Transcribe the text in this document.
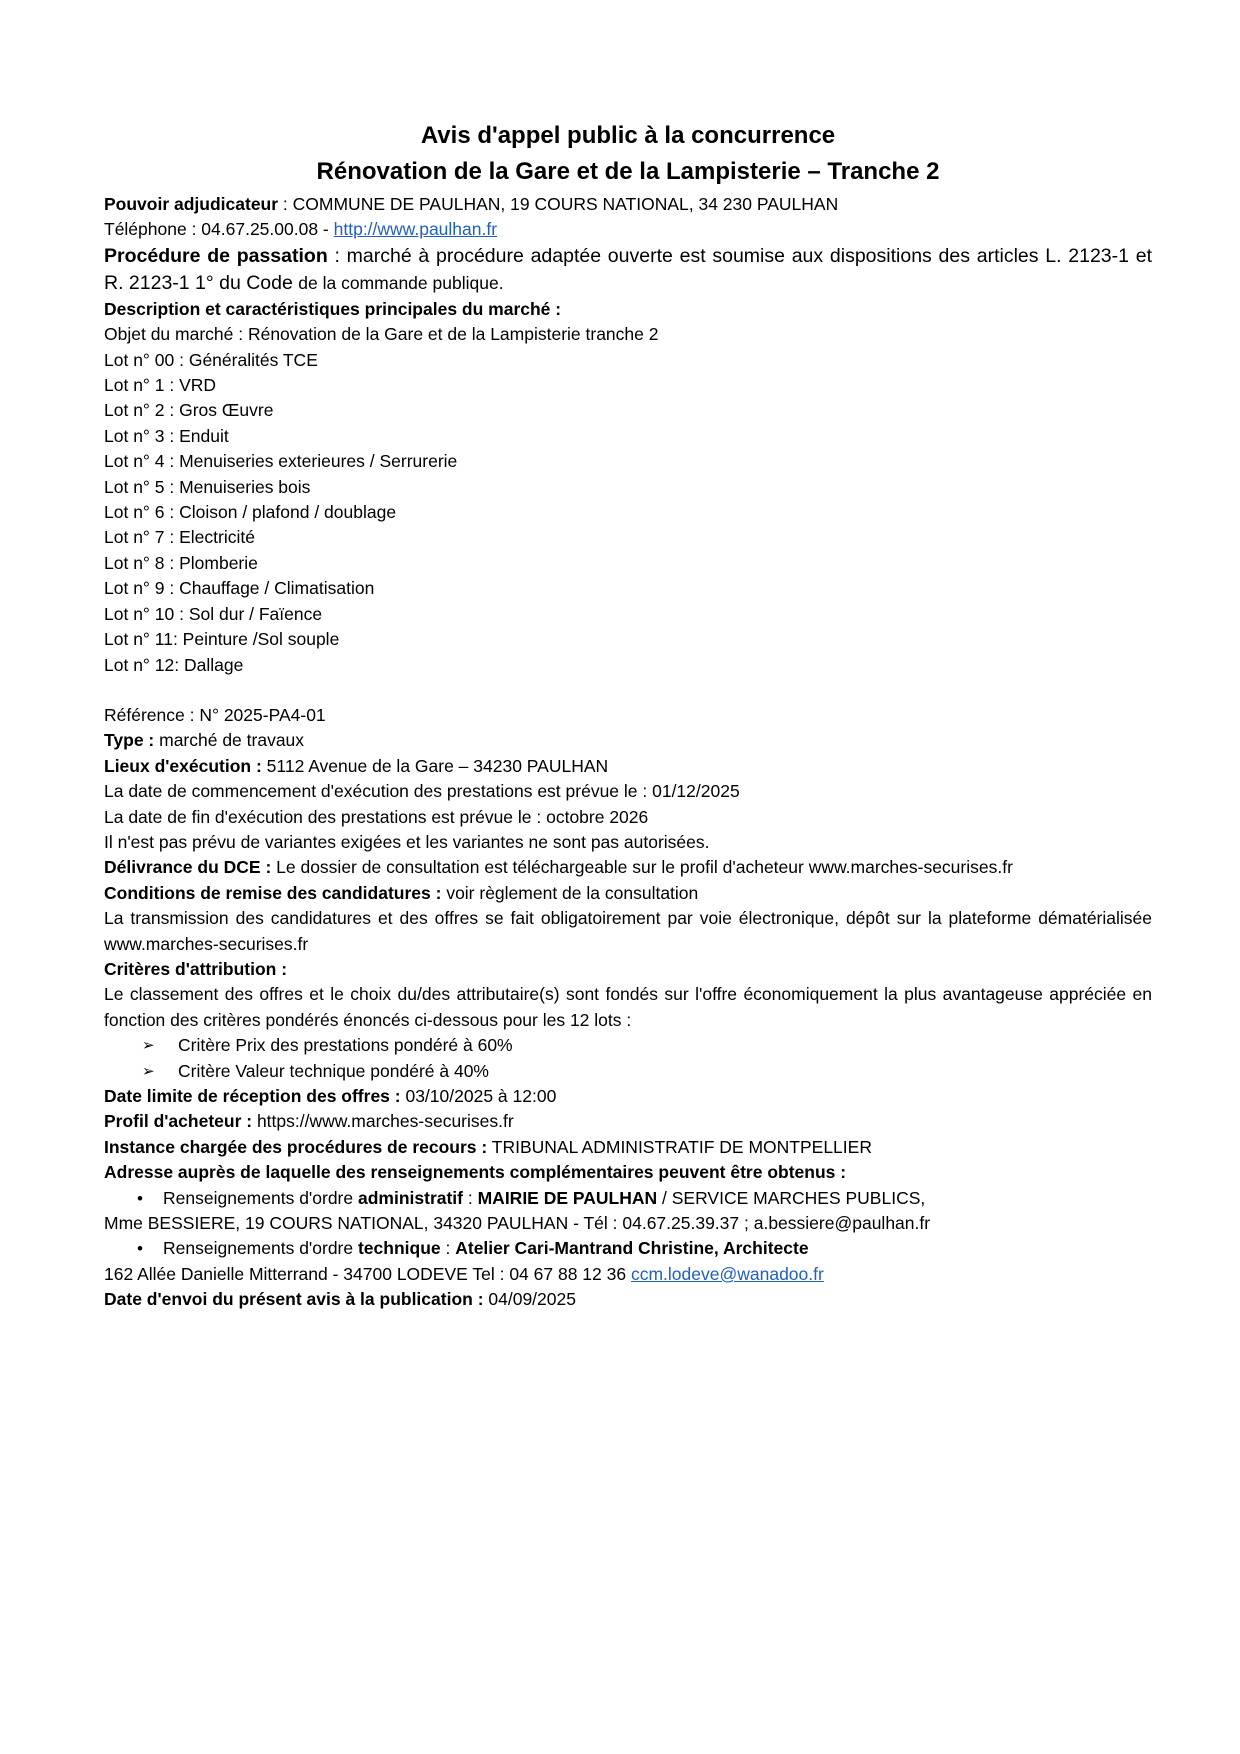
Avis d'appel public à la concurrence
Rénovation de la Gare et de la Lampisterie – Tranche 2
Pouvoir adjudicateur : COMMUNE DE PAULHAN, 19 COURS NATIONAL, 34 230 PAULHAN
Téléphone : 04.67.25.00.08 - http://www.paulhan.fr
Procédure de passation : marché à procédure adaptée ouverte est soumise aux dispositions des articles L. 2123-1 et R. 2123-1 1° du Code de la commande publique.
Description et caractéristiques principales du marché :
Objet du marché : Rénovation de la Gare et de la Lampisterie tranche 2
Lot n° 00 : Généralités TCE
Lot n° 1 : VRD
Lot n° 2 : Gros Œuvre
Lot n° 3 : Enduit
Lot n° 4 : Menuiseries exterieures / Serrurerie
Lot n° 5 : Menuiseries bois
Lot n° 6 : Cloison / plafond / doublage
Lot n° 7 : Electricité
Lot n° 8 : Plomberie
Lot n° 9 : Chauffage / Climatisation
Lot n° 10 : Sol dur / Faïence
Lot n° 11: Peinture /Sol souple
Lot n° 12: Dallage
Référence : N° 2025-PA4-01
Type : marché de travaux
Lieux d'exécution : 5112 Avenue de la Gare – 34230 PAULHAN
La date de commencement d'exécution des prestations est prévue le : 01/12/2025
La date de fin d'exécution des prestations est prévue le : octobre 2026
Il n'est pas prévu de variantes exigées et les variantes ne sont pas autorisées.
Délivrance du DCE : Le dossier de consultation est téléchargeable sur le profil d'acheteur www.marches-securises.fr
Conditions de remise des candidatures : voir règlement de la consultation
La transmission des candidatures et des offres se fait obligatoirement par voie électronique, dépôt sur la plateforme dématérialisée www.marches-securises.fr
Critères d'attribution :
Le classement des offres et le choix du/des attributaire(s) sont fondés sur l'offre économiquement la plus avantageuse appréciée en fonction des critères pondérés énoncés ci-dessous pour les 12 lots :
➢ Critère Prix des prestations pondéré à 60%
➢ Critère Valeur technique pondéré à 40%
Date limite de réception des offres : 03/10/2025 à 12:00
Profil d'acheteur : https://www.marches-securises.fr
Instance chargée des procédures de recours : TRIBUNAL ADMINISTRATIF DE MONTPELLIER
Adresse auprès de laquelle des renseignements complémentaires peuvent être obtenus :
• Renseignements d'ordre administratif : MAIRIE DE PAULHAN / SERVICE MARCHES PUBLICS,
Mme BESSIERE, 19 COURS NATIONAL, 34320 PAULHAN - Tél : 04.67.25.39.37 ; a.bessiere@paulhan.fr
• Renseignements d'ordre technique : Atelier Cari-Mantrand Christine, Architecte
162 Allée Danielle Mitterrand - 34700 LODEVE Tel : 04 67 88 12 36 ccm.lodeve@wanadoo.fr
Date d'envoi du présent avis à la publication : 04/09/2025
